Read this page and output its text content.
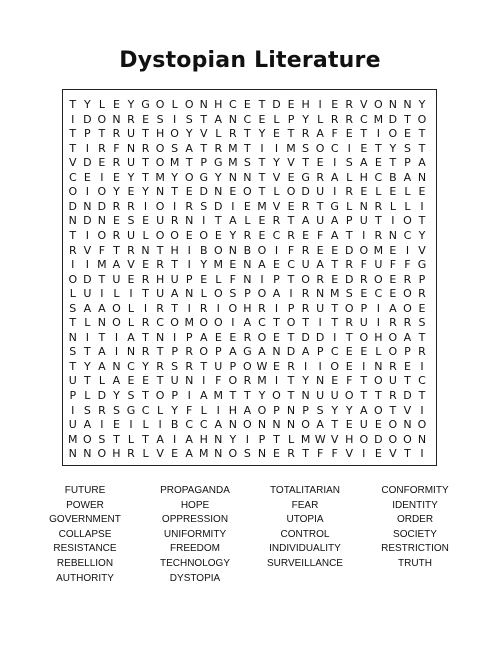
Dystopian Literature
T Y L E Y G O L O N H C E T D E H I E R V O N N Y
I D O N R E S I S T A N C E L P Y L R R C M D T O
T P T R U T H O Y V L R T Y E T R A F E T I O E T
T I R F N R O S A T R M T I	I M S O C I E T Y S T
V D E R U T O M T P G M S T Y V T E I S A E T P A
C E I E Y T M Y O G Y N N T V E G R A L H C B A N
O I O Y E Y N T E D N E O T L O D U I R E L E L E
D N D R R I O I R S D I E M V E R T G L N R L L I
N D N E S E U R N I T A L E R T A U A P U T I O T
T I O R U L O O E O E Y R E C R E F A T I R N C Y
R V F T R N T H I B O N B O I F R E E D O M E I V
I	I M A V E R T I Y M E N A E C U A T R F U F F G
O D T U E R H U P E L F N I P T O R E D R O E R P
L U I L I T U A N L O S P O A I R N M S E C E O R
S A A O L I R T I R I O H R I P R U T O P I A O E
T L N O L R C O M O O I A C T O T I T R U I R R S
N I T I A T N I P A E E R O E T D D I T O H O A T
S T A I N R T P R O P A G A N D A P C E E L O P R
T Y A N C Y R S R T U P O W E R I	I O E I N R E I
U T L A E E T U N I F O R M I T Y N E F T O U T C
P L D Y S T O P I A M T T Y O T N U U O T T R D T
I S R S G C L Y F L I H A O P N P S Y Y A O T V I
U A I E I L I B C C A N O N N N O A T E U E O N O
M O S T L T A I A H N Y I P T L M W V H O D O O N
N N O H R L V E A M N O S N E R T F F V I E V T I
FUTURE	PROPAGANDA	TOTALITARIAN	CONFORMITY
POWER	HOPE	FEAR	IDENTITY
GOVERNMENT	OPPRESSION	UTOPIA	ORDER
COLLAPSE	UNIFORMITY	CONTROL	SOCIETY
RESISTANCE	FREEDOM	INDIVIDUALITY	RESTRICTION
REBELLION	TECHNOLOGY	SURVEILLANCE	TRUTH
AUTHORITY	DYSTOPIA
